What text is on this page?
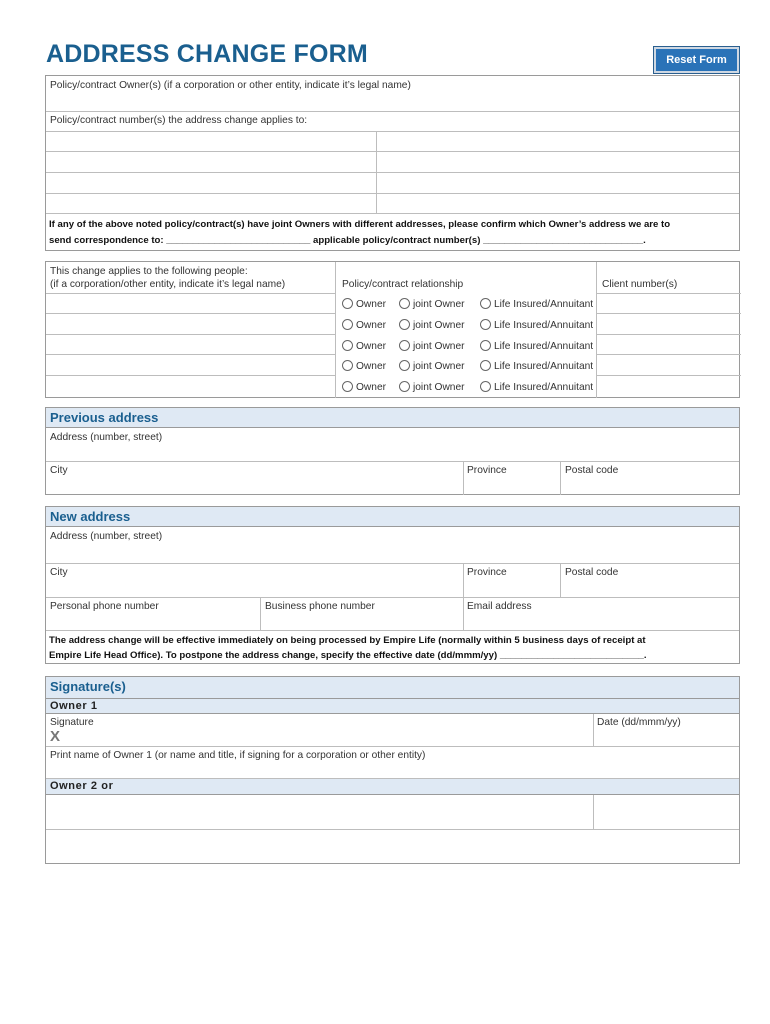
ADDRESS CHANGE FORM	Reset Form
Policy/contract Owner(s) (if a corporation or other entity, indicate it’s legal name)
Policy/contract number(s) the address change applies to:
If any of the above noted policy/contract(s) have joint Owners with different addresses, please confirm which Owner’s address we are to
send correspondence to: ___________________________ applicable policy/contract number(s) ______________________________.
This change applies to the following people:
(if a corporation/other entity, indicate it’s legal name)	Policy/contract relationship	Client number(s)
Owner	joint Owner	Life Insured/Annuitant
Owner	joint Owner	Life Insured/Annuitant
Owner	joint Owner	Life Insured/Annuitant
Owner	joint Owner	Life Insured/Annuitant
Owner	joint Owner	Life Insured/Annuitant
Previous address
Address (number, street)
City	Province	Postal code
New address
Address (number, street)
City	Province	Postal code
Personal phone number	Business phone number	Email address
The address change will be effective immediately on being processed by Empire Life (normally within 5 business days of receipt at
Empire Life Head Office). To postpone the address change, specify the effective date (dd/mmm/yy) ___________________________.
Signature(s)
Owner 1
Signature
X
Date (dd/mmm/yy)
Print name of Owner 1 (or name and title, if signing for a corporation or other entity)
Owner 2 or
